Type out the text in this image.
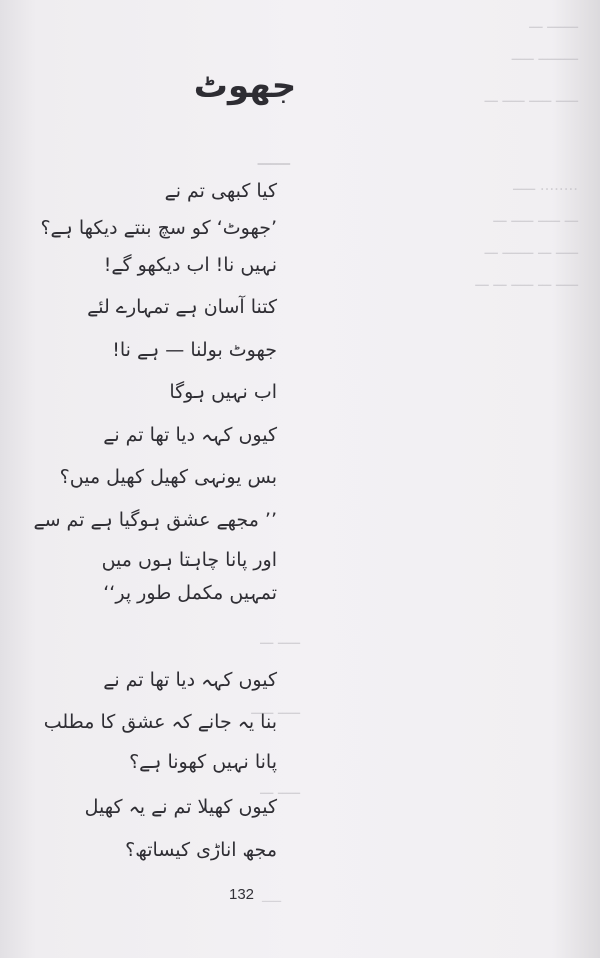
ـــــــ ـــ
ـــــــــ ـــــ
ـــــ ـــــ ـــــ ـــ
ـــــ
........ ـــــ
ـــ ـــــ ـــــ ـــ
ـــــ ـــ ـــــــ ـــ
ـــــ ـــ ـــــ ـــ ـــ
ـــــ ـــ
ـــــ ـــــ
ـــــ ـــ
ـــــ
جھوٹ
کیا کبھی تم نے
’جھوٹ‘ کو سچ بنتے دیکھا ہے؟
نہیں نا! اب دیکھو گے!
کتنا آسان ہے تمہارے لئے
جھوٹ بولنا — ہے نا!
اب نہیں ہوگا
کیوں کہہ دیا تھا تم نے
بس یونہی کھیل کھیل میں؟
’’ مجھے عشق ہوگیا ہے تم سے
اور پانا چاہتا ہوں میں
تمہیں مکمل طور پر‘‘
کیوں کہہ دیا تھا تم نے
بنا یہ جانے کہ عشق کا مطلب
پانا نہیں کھونا ہے؟
کیوں کھیلا تم نے یہ کھیل
مجھ اناڑی کیساتھ؟
132
